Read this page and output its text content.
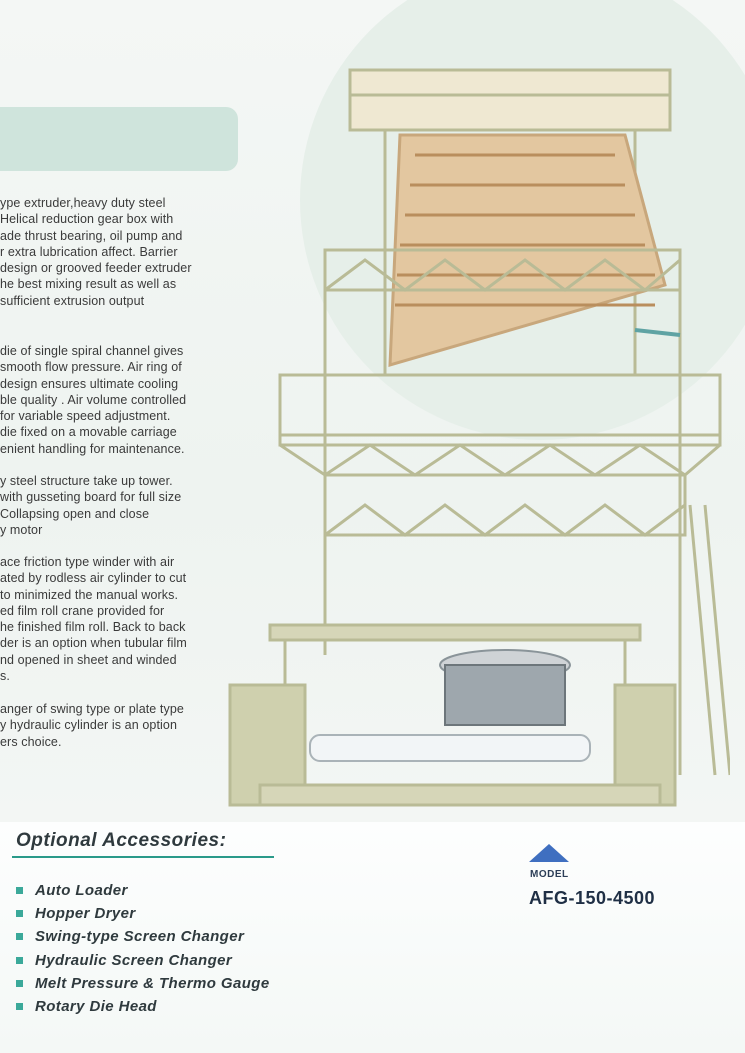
ype extruder,heavy duty steel
Helical reduction gear box with
ade thrust bearing, oil pump and
r extra lubrication affect. Barrier
design or grooved feeder extruder
he best mixing result as well as
sufficient extrusion output
die of single spiral channel gives
smooth flow pressure. Air ring of
design ensures ultimate cooling
ble quality . Air volume controlled
for variable speed adjustment.
die fixed on a movable carriage
enient handling for maintenance.
y steel structure take up tower.
with gusseting board for full size
Collapsing open and close
y motor
ace friction type winder with air
ated by rodless air cylinder to cut
to minimized the manual works.
ed film roll crane provided for
he finished film roll. Back to back
der is an option when tubular film
nd opened in sheet and winded
s.
anger of swing type or plate type
y hydraulic cylinder is an option
ers choice.
Optional Accessories:
Auto Loader
Hopper Dryer
Swing-type Screen Changer
Hydraulic Screen Changer
Melt Pressure & Thermo Gauge
Rotary Die Head
MODEL
AFG-150-4500
